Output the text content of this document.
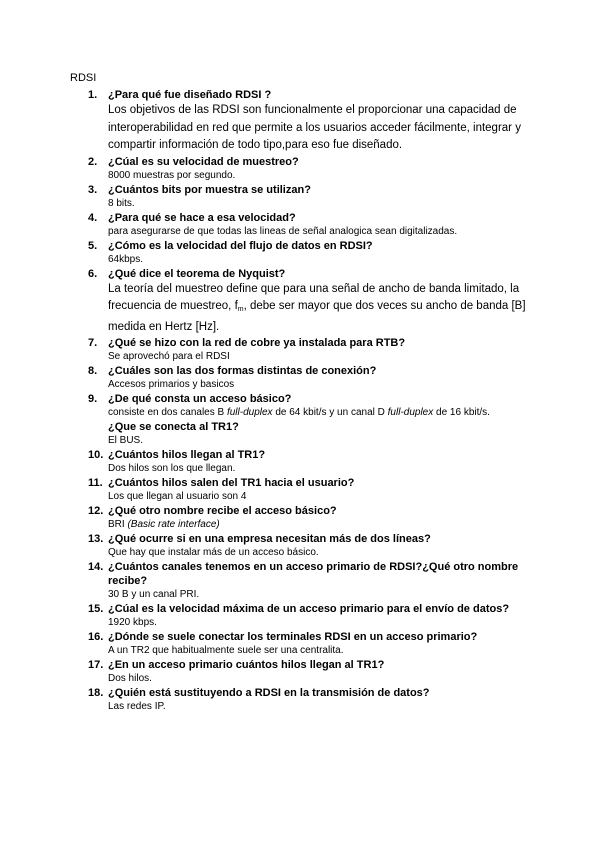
RDSI
1. ¿Para qué fue diseñado RDSI ?
Los objetivos de las RDSI son funcionalmente el proporcionar una capacidad de interoperabilidad en red que permite a los usuarios acceder fácilmente, integrar y compartir información de todo tipo,para eso fue diseñado.
2. ¿Cúal es su velocidad de muestreo?
8000 muestras por segundo.
3. ¿Cuántos bits por muestra se utilizan?
8 bits.
4. ¿Para qué se hace a esa velocidad?
para asegurarse de que todas las lineas de señal analogica sean digitalizadas.
5. ¿Cómo es la velocidad del flujo de datos en RDSI?
64kbps.
6. ¿Qué dice el teorema de Nyquist?
La teoría del muestreo define que para una señal de ancho de banda limitado, la frecuencia de muestreo, $f_m$, debe ser mayor que dos veces su ancho de banda [B] medida en Hertz [Hz].
7. ¿Qué se hizo con la red de cobre ya instalada para RTB?
Se aprovechó para el RDSI
8. ¿Cuáles son las dos formas distintas de conexión?
Accesos primarios y basicos
9. ¿De qué consta un acceso básico?
consiste en dos canales B full-duplex de 64 kbit/s y un canal D full-duplex de 16 kbit/s.
¿Que se conecta al TR1?
El BUS.
10. ¿Cuántos hilos llegan al TR1?
Dos hilos son los que llegan.
11. ¿Cuántos hilos salen del TR1 hacia el usuario?
Los que llegan al usuario son 4
12. ¿Qué otro nombre recibe el acceso básico?
BRI (Basic rate interface)
13. ¿Qué ocurre si en una empresa necesitan más de dos líneas?
Que hay que instalar más de un acceso básico.
14. ¿Cuántos canales tenemos en un acceso primario de RDSI?¿Qué otro nombre recibe?
30 B y un canal PRI.
15. ¿Cúal es la velocidad máxima de un acceso primario para el envío de datos?
1920 kbps.
16. ¿Dónde se suele conectar los terminales RDSI en un acceso primario?
A un TR2 que habitualmente suele ser una centralita.
17. ¿En un acceso primario cuántos hilos llegan al TR1?
Dos hilos.
18. ¿Quién está sustituyendo a RDSI en la transmisión de datos?
Las redes IP.
